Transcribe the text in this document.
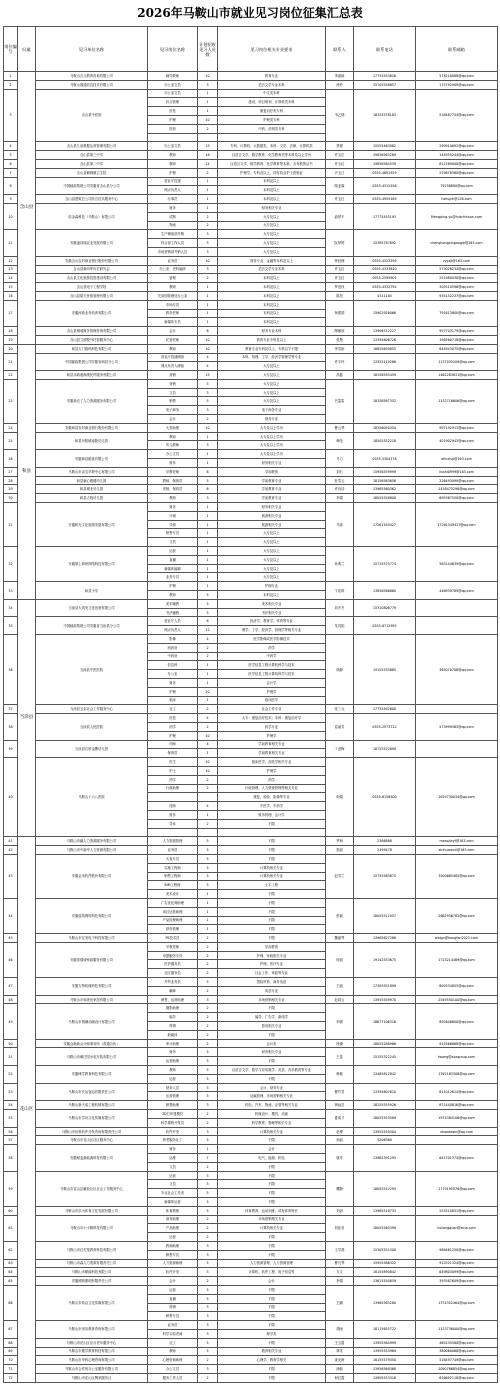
2026年马鞍山市就业见习岗位征集汇总表
岗位编号	归属	见习单位名称	见习岗位名称	计划招收见习人员数	见习岗位相关专业要求	联系人	联系电话	联系邮箱
1	含山县	马鞍山含文教育咨询有限公司	辅导教师	10	教育专业	李淑琼	17755553816	578218088@qq.com
2		马鞍山翔通信息技术有限公司	办公室文员	3	语言文学专业本科	徐玲	15705558857	175792909@qq.com
3		含山县中医院	办公室文员	1	中文类本科	韦乙德	18325578183	518487744@qq.com
			综合管理	1	建设、项目规划、计算机类本科			
			医技	1	康复治疗类专科			
			护理	10	护理类专科			
			医药	2	中药、药剂类专科			

4		含山县九泉数据运营管理有限公司	办公室文员	15	专科、计算机、大数据类，本科：文史、法律、计算机类	蔡俊	15555463082	299910692@qq.com
5		含山县第三中学	教师	16	汉语言文学、数学教育、化学教育类等本科及以上学历	许玉庄	19056563289	144955244@qq.com
6		含山县第二中学	教师	14	汉语言文学、数学教育、化学教育等本科、含有教资证书	许玉红	19856564539	812169000@qq.com
7		含山县铜闸镇卫生院	护理	2	护理学、专科及以上，持有执业护士资格证	尹玉江	0555-4691929	229878360@qq.com
8		中国邮政集团公司安徽省含山县分公司	营业厅投递	1	本科及以上	陈亚霖	0555-4312556	79258890@qq.com
			网点负责人	1	本科及以上			
9		含山县建筑总公司综合技术服务中心	办事员	1	本科及以上	许玉红	0555-4959189	hshsjxh@126.com
10		哈金森科技（马鞍山）有限公司	财务	1	财务相关专业	俞梦平	17775455193	Mengping.yu@hutchinson.com
			试制	2	大专及以上			
			物流	2	大专及以上			
11		安徽凌泽瑞农业发展有限公司	生产储备部外购	3	大专及以上	阮梦婷	15385787692	chenghongxingoogle@163.com
			综合部工作人员	3	大专及以上			
			市场营销部外销人员	3	大专及以上			
12		安徽含山农村商业银行股份有限公司	业务员	10	财务专业、金融等本科及以上	钟经理	0555-4323299	zyyzjt@163.com
13		含山县新四军历史研究会	办公室、史料编研	3	语言文学专业本科	许玉红	0555-4333610	573026234@qq.com
14		含山县文化旅游投资建设有限公司	管理	2	本科及以上	许玉红	0555-2599901	251980030@qq.com
15		含山县电子工程学校	教师	1	本科及以上	罗登伐	0555-4332792	305510596@qq.com
16		含山县昭关民宿管理有限公司	关岗园管理处办公室	1	本科及以上	陈昊	4311185	935152237@qq.com
17		安徽河政业务培训有限公司	市场专员	1	本科及以上	杨建园	15902926066	791613800@qq.com
			教务老师	1	本科及以上			
			新媒体专员	1	本科及以上			
18		含山县铜城财务管理咨询有限公司	会计	6	财务专业本科	陶敏欣	13906512227	957703179@qq.com
19		含山县立德校外托管服务中心	托管老师	10	教育专业专科及以上	张慧	13395606726	198560718@qq.com
20	和县	和县天门数码科技有限公司	教师	10	教育专业专科及以上、专科以下不限	李雪娇	18855659855	644943075@qq.com
21		中国邮政集团公司安徽省和县分公司	营业厅投递储备	4	本科、管理、工学、经济学管理学等专业	许宇玲	13355119266	1137035209@qq.com
			网点负责人储备	4	大专及以上			
22		和县乐鸿惠海康民贸服务有限公司	营销	15	大专及以上	高磊	18156595459	1462283831@qq.com
23		安徽新农了人力资源服务有限公司	营销	5	大专及以上	吕雷雷	18156567352	1132716606@qq.com
			文员	3	大专及以上			
			销售	5	大专及以上			
			电子商务	3	电子商务专业			
			会计	2	财务专业			
24		安徽和县农村商业银行股份有限公司	大堂助理	10	大专及以上学历	曹云琴	18356050354	997192913@qq.com
25		和县历阳镇南陵幼儿园	教师	1	大专及以上学历	韩莹	18505552218	401902943@qq.com
			幼儿教师	3	大专及以上学历			
26		安徽和县粮食有限公司	办公文员	1	大专及以上学历	马力	0555-5304178	ahhxlsjt@163.com
			财务	1	财务相关专业			
27		马鞍山市亲宝早教中心有限公司	早教老师	6	学前教育	刘石	15956559999	liushi0999@163.com
28		和县童心雅健幼儿园	教师、保育员	5	学前教育专业	杜雪云	18156563656	226493099@qq.com
29		和县城北幼儿园	老师、保育员	6	学前教育专业	许诗诗	13965560362	1416475298@qq.com
30		和县占栈幼儿园	教师	3	学前教育专业	李娟	18055526600	695367550@qq.com
31		安徽和光文化旅游发展有限公司	财务	1	财务相关专业	马赛	17261549427	1726154942?@qq.com
			计调	1	旅游相关专业			
			导游	1	旅游相关专业			
			销售专员	1	大专及以上			
			文员	1	大专及以上			
32		安徽掌上和州网络科技有限公司	运营	1	大专及以上	孙典兰	15715575774	583144839@qq.com
			直播	1	大专及以上			
			新媒体编辑	1	大专及以上			
			业务专员	1	大专及以上			
33		和县小学	护理	1	护理专业	卞佳琪	13856566860	446939789@qq.com
			教师	5	本科及以上			
34	当涂县	当涂县大风发文化创意有限公司	美术辅教	5	美术相关专业	刘冬冬	15720806779	
			书法辅教	5	书法相关专业			
35		中国邮政集团公司安徽省当涂县分公司	营业厅人员	6	经济学、教育学、体育等专业	朱芮韬	0555-6712995	
			网点负责人	12	理学、工学、经济学、管理学等相关专业			
36		当涂县中医医院	影像	4	医学影像或医学影像技术	杨静	19155535885	365070706@qq.com
			西药房	2	药学			
			中药房	2	中药学			
			信息科	1	医学信息工程计算机科学与技术			
			办公室	1	医学信息工程计算机科学与技术			
			财务	1	会计学			
			护理	20	护理学			
			临床	1	临床医学			
37		当涂县五彩社会工作服务中心	社工	2	社会工作专业	张三元	17755592600	
38		当涂县人民医院	医技	4	大专：康复治疗技术；本科：康复治疗学	葛丽芳	0555-2973712	573999365@qq.com
			药学	2	药学专业			
			护理	10	护理学			
39		当涂县石桥金鹰幼儿园	幼师	4	学前教育相关专业	丁爱梅	18755522690	
			保育员	1	学前教育相关专业			
40		马鞍山十六八医院	医生	10	临床医学、皮肤学相关专业	尚娟	0555-6158500	1619730034@qq.com
			护士	10	护理学			
			药学	2	药学			
			行政助理	2	行政管理、人力资源管理等相关专业			
					康复、检验、影像等专业			
			技师	4	中医学、中药学			
			财务	1	财务管理、会计学			
			导诊	2	不限			

41	花山区	马鞍山市赢人力资源服务有限公司	人力资源管理	5	不限	罗海	2366868	masszlxyf@163.com
42		马鞍山市中新华人力资源有限公司	业务员	5	不限	张丽	2499478	xinhuarenli@163.com
43		安徽金禾软件股份有限公司	大客专员	5	不限	赵雪兰	15755565875	3500665485@qq.com
			实施工程师	5	计算机相关专业			
			销售工程师	5	计算机相关专业			
			BIM工程师	5	土木工程			
			美术设计	1	不限			
44		安徽蓝筑网络科技有限公司	广告优化师助理	1	不限	张颖	18055512057	2682956782@qq.com
			项目运营助理	1	不限			
			产品经理助理	1	不限			
			财务管理	1	不限			
45		马鞍山市宏发电子科技有限公司	PE技术员	2	不限	魏丽琴	13965627266	weign@hongfan2021.com
46		安徽青瑞城家政服务有限公司	早教老师	2	学前教育	何瑶	19142553675	1713214489@qq.com
			母婴服务专员	2	护理、家政相关专业			
			医护服务员	2	护理、医疗专业			
			社区服务员	2	社会工作、家政等专业			
47		安徽力特机械科技有限公司	外贸业务员	5	国际贸易、商务英语	王丽	17305551899	809334855@qq.com
			翻译	2	英语专业			
48		马鞍山市和美优家居有限公司	销售、运营助理	3	市场营销相关专业	赵叔云	13955559970	2549550100@qq.com
49		马鞍山市图潮动画设计有限公司	摄影助理	2	不限	李妮	18677106316	892648600@qq.com
			编导	2	编导、广告学、新闻学			
			剪辑	2	影视相关专业			
			新媒体	2	不限			
50		安徽众新新会计师事务所（普通合伙）	审计助理	2	会计类	徐黛	18055288966	925566868@qq.com
51		马鞍山市颐庄园水电安装有限公司	财务	5	财务相关专业	王星	15155322245	twang@sxxgroup.com
			运营助理	5	不限			
52		安徽博学教育科技有限公司	教师	5	汉语言文学、数学与应用数学、英语、音乐教育等专业	韩艳	13485812842	1392163308@qq.com
			运营	5	不限			
53		马鞍山市长运客运有限责任公司	财务人员	5	会计、财务专业	曹竹君	13395607810	611012614@qq.com
			运营管理	5	运输管理、市场营销相关专业			
54		马鞍山新天成工程机械有限公司	销售助理	3	机电、汽车、物流、企管等相关专业	黄灿芸	18255555926	871440816@qq.com
55		马鞍山市学讯文化传媒有限公司	3D打印建模员	2	机械设计、模具、动画	霍成才	18055553589	1974364106@qq.com
			科学课程开发员	2	科学教育、物理等相关专业			
56		马鞍山市优科软件开发咨询有限责任公司	软件开发	3	计算机相关专业	赵博	13955559304	xhaodeqin@qq.com
57		马鞍山市花山区社区服务中心	养老服务社工	5	不限	孙丽	5206360	
58		安徽赋麦新能源科技有限公司	财务	1	会计	康华	13965391295	641701374@qq.com
			运维	7	电气、能源、机电			
			文员	2	不限			
59		马鞍山市花山区解放社区社会工作服务中心	运营	5	不限	曙静	18055512295	1779195576@qq.com
			文员	5	不限			
			专业社会工作者	5	不限			
			新媒体运营	5	不限			
60		马鞍山市乐为体育文化发展有限公司	体育教练	5	体育教育、运动训练，或有体育特长	刘剑	13965518733	255510831@qq.com
61		马鞍山市小小鹤科技有限公司	商务助理	2	市场营销相关专业	刘佳音	18055565390	liuliangquan@sina.com
			产品助理	2	计算机相关专业			
			运营	2	不限			
62		马鞍山市红灯笼教育科技有限公司	教师助理	3	不限	王学燕	15305551500	986461250@qq.com
			销售专员	3	不限			
63		马鞍山市森人力资源有限责任公司	人力资源助理	5	人力资源管理、人力资源管理	曹凡琴	15955586322	912521324@qq.com
64		马鞍山市赋能科技有限公司	软件开发	5	计算机、软件工程、电子信息等	方文	18155890842	649803099@qq.com
65		安徽照明照明有限责任公司	会计	2	会计	李娟	13615550859	393587609@qq.com
66		马鞍山市勃众文化传媒有限公司	运营	5	不限	王鹏	13965563280	1374352464@qq.com
			直播	5	不限			
			剪辑	3	不限			
			销售专员	3	不限			
67		马鞍山市来乐教育咨询有限公司	业务员	3	不限	胡雨	18115655722	1123736000@qq.com
			科学实验老师	3	理学类			
68		马鞍山市花山区应月老年服务中心	社工	5	不限	王玉霞	13955564999	465235580@qq.com
69		马鞍山市雅学教育科技有限公司	教师	5	教育相关专业	林雪	13955553969	380060068@qq.com
70		马鞍山市华科心理咨询有限公司	心理咨询助理	2	心理学、教育学相关	查光海	18155579350	516497749@qq.com
71		马鞍山市合作苑办公室服务有限公司	办公文员	3	不限	徐丽	13956569368	1090766854@qq.com
72		马鞍山市花山区陶家服务社	服务工作人员	2	不限	何红霞	13905553318	616692118@qq.com
